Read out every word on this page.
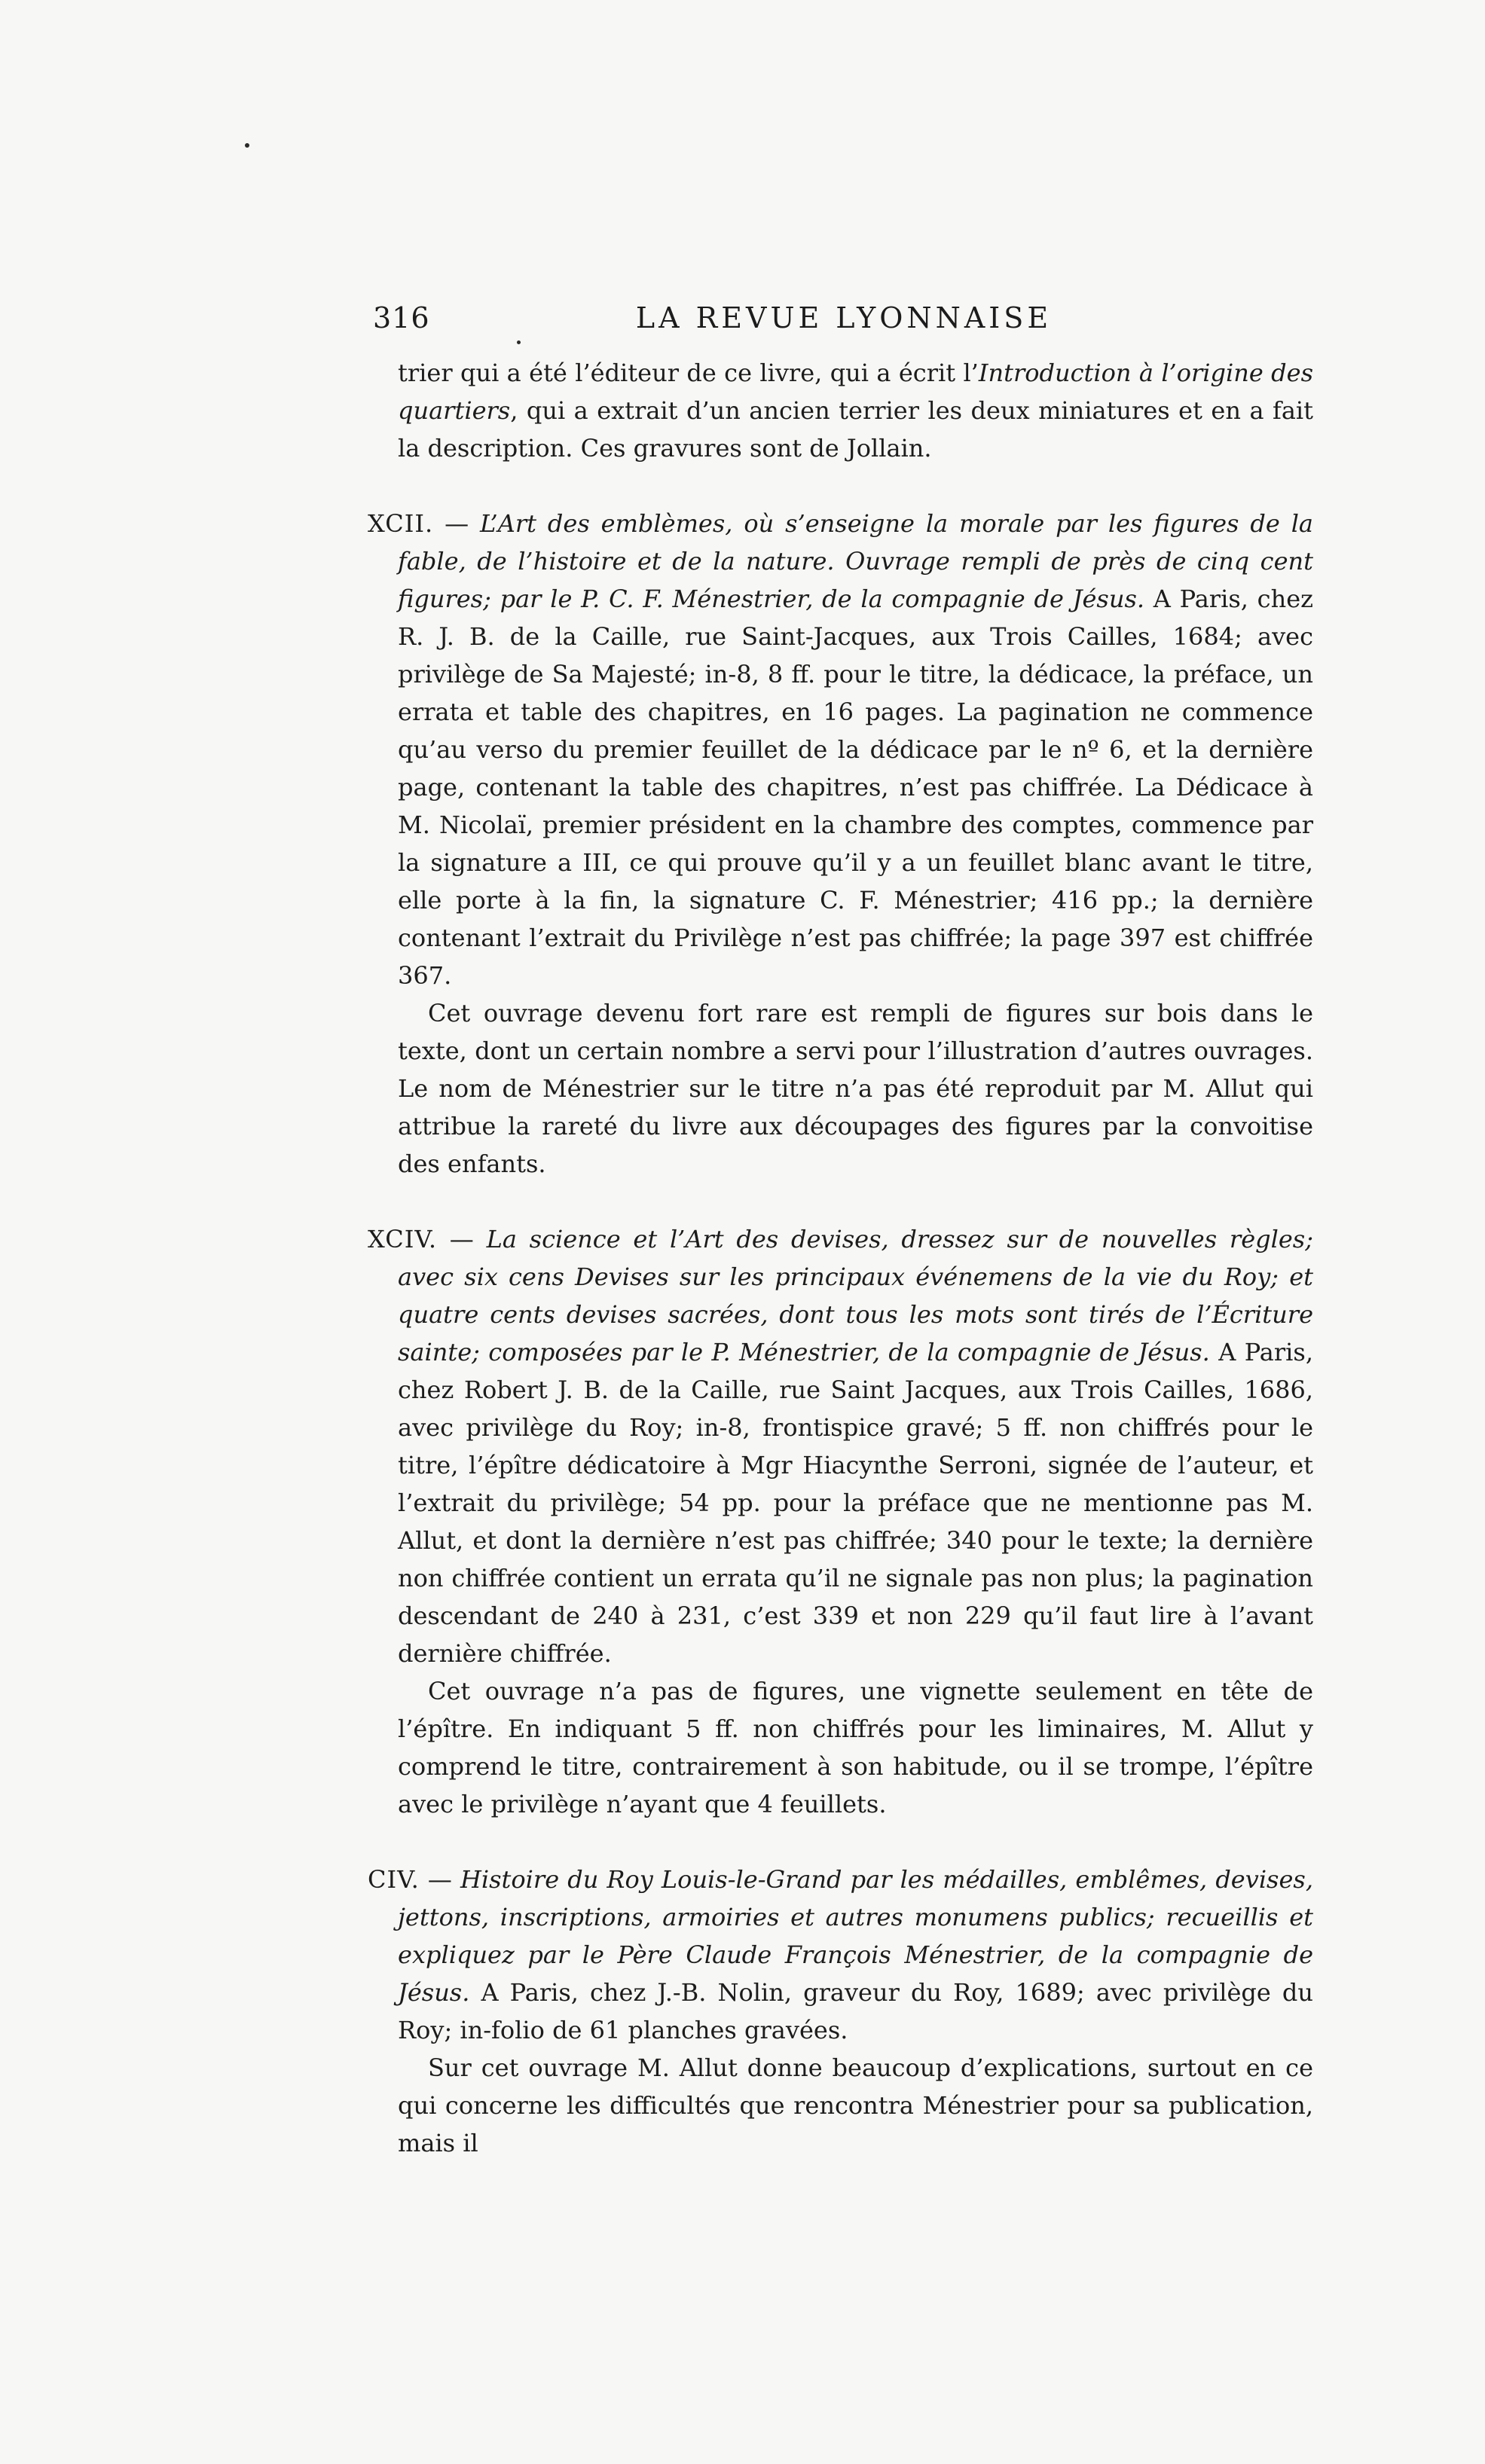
316	LA REVUE LYONNAISE

trier qui a été l’éditeur de ce livre, qui a écrit l’Introduction à l’origine des quartiers, qui a extrait d’un ancien terrier les deux miniatures et en a fait la description. Ces gravures sont de Jollain.

XCII. — L’Art des emblèmes, où s’enseigne la morale par les figures de la fable, de l’histoire et de la nature. Ouvrage rempli de près de cinq cent figures; par le P. C. F. Ménestrier, de la compagnie de Jésus. A Paris, chez R. J. B. de la Caille, rue Saint-Jacques, aux Trois Cailles, 1684; avec privilège de Sa Majesté; in-8, 8 ff. pour le titre, la dédicace, la préface, un errata et table des chapitres, en 16 pages. La pagination ne commence qu’au verso du premier feuillet de la dédicace par le nº 6, et la dernière page, contenant la table des chapitres, n’est pas chiffrée. La Dédicace à M. Nicolaï, premier président en la chambre des comptes, commence par la signature a III, ce qui prouve qu’il y a un feuillet blanc avant le titre, elle porte à la fin, la signature C. F. Ménestrier; 416 pp.; la dernière contenant l’extrait du Privilège n’est pas chiffrée; la page 397 est chiffrée 367.

Cet ouvrage devenu fort rare est rempli de figures sur bois dans le texte, dont un certain nombre a servi pour l’illustration d’autres ouvrages. Le nom de Ménestrier sur le titre n’a pas été reproduit par M. Allut qui attribue la rareté du livre aux découpages des figures par la convoitise des enfants.

XCIV. — La science et l’Art des devises, dressez sur de nouvelles règles; avec six cens Devises sur les principaux événemens de la vie du Roy; et quatre cents devises sacrées, dont tous les mots sont tirés de l’Écriture sainte; composées par le P. Ménestrier, de la compagnie de Jésus. A Paris, chez Robert J. B. de la Caille, rue Saint Jacques, aux Trois Cailles, 1686, avec privilège du Roy; in-8, frontispice gravé; 5 ff. non chiffrés pour le titre, l’épître dédicatoire à Mgr Hiacynthe Serroni, signée de l’auteur, et l’extrait du privilège; 54 pp. pour la préface que ne mentionne pas M. Allut, et dont la dernière n’est pas chiffrée; 340 pour le texte; la dernière non chiffrée contient un errata qu’il ne signale pas non plus; la pagination descendant de 240 à 231, c’est 339 et non 229 qu’il faut lire à l’avant dernière chiffrée.

Cet ouvrage n’a pas de figures, une vignette seulement en tête de l’épître. En indiquant 5 ff. non chiffrés pour les liminaires, M. Allut y comprend le titre, contrairement à son habitude, ou il se trompe, l’épître avec le privilège n’ayant que 4 feuillets.

CIV. — Histoire du Roy Louis-le-Grand par les médailles, emblêmes, devises, jettons, inscriptions, armoiries et autres monumens publics; recueillis et expliquez par le Père Claude François Ménestrier, de la compagnie de Jésus. A Paris, chez J.-B. Nolin, graveur du Roy, 1689; avec privilège du Roy; in-folio de 61 planches gravées.

Sur cet ouvrage M. Allut donne beaucoup d’explications, surtout en ce qui concerne les difficultés que rencontra Ménestrier pour sa publication, mais il
